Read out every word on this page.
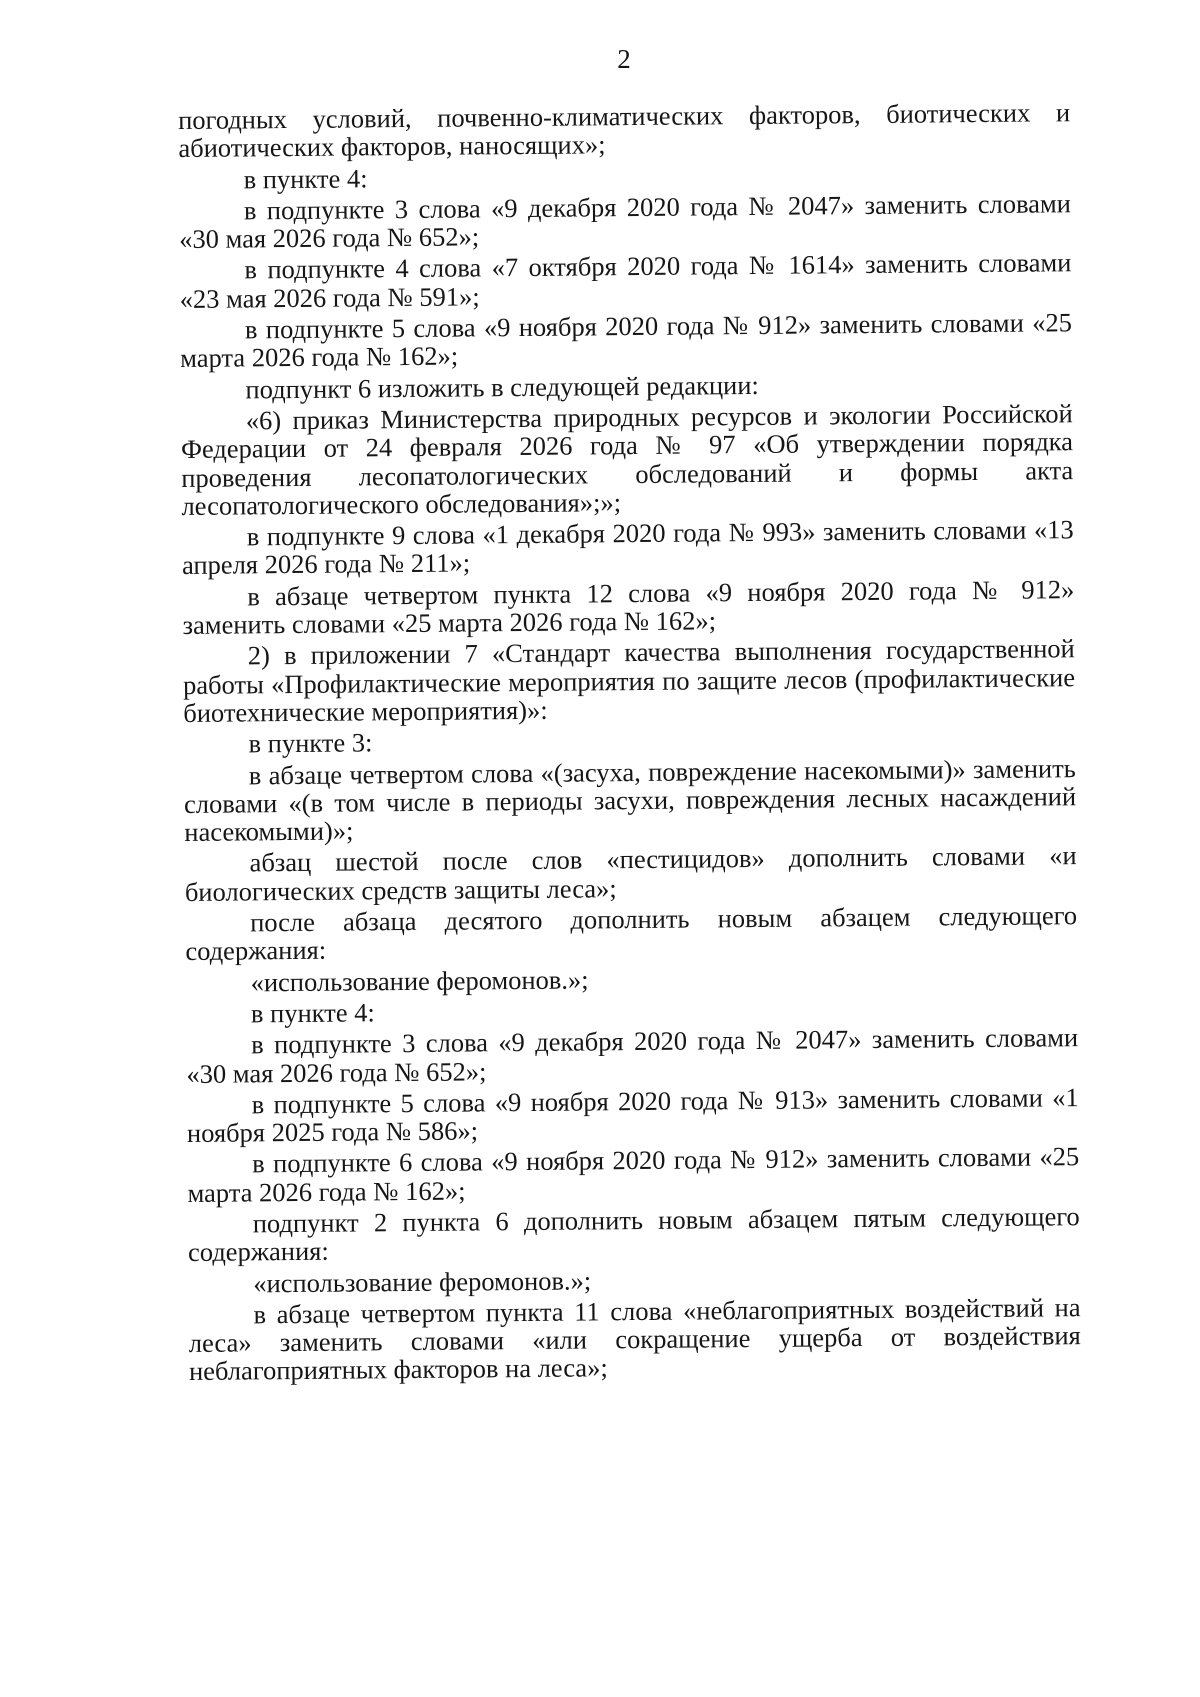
2

погодных условий, почвенно-климатических факторов, биотических и абиотических факторов, наносящих»;

в пункте 4:

в подпункте 3 слова «9 декабря 2020 года № 2047» заменить словами «30 мая 2026 года № 652»;

в подпункте 4 слова «7 октября 2020 года № 1614» заменить словами «23 мая 2026 года № 591»;

в подпункте 5 слова «9 ноября 2020 года № 912» заменить словами «25 марта 2026 года № 162»;

подпункт 6 изложить в следующей редакции:

«6) приказ Министерства природных ресурсов и экологии Российской Федерации от 24 февраля 2026 года № 97 «Об утверждении порядка проведения лесопатологических обследований и формы акта лесопатологического обследования»;»;

в подпункте 9 слова «1 декабря 2020 года № 993» заменить словами «13 апреля 2026 года № 211»;

в абзаце четвертом пункта 12 слова «9 ноября 2020 года № 912» заменить словами «25 марта 2026 года № 162»;

2) в приложении 7 «Стандарт качества выполнения государственной работы «Профилактические мероприятия по защите лесов (профилактические биотехнические мероприятия)»:

в пункте 3:

в абзаце четвертом слова «(засуха, повреждение насекомыми)» заменить словами «(в том числе в периоды засухи, повреждения лесных насаждений насекомыми)»;

абзац шестой после слов «пестицидов» дополнить словами «и биологических средств защиты леса»;

после абзаца десятого дополнить новым абзацем следующего содержания:

«использование феромонов.»;

в пункте 4:

в подпункте 3 слова «9 декабря 2020 года № 2047» заменить словами «30 мая 2026 года № 652»;

в подпункте 5 слова «9 ноября 2020 года № 913» заменить словами «1 ноября 2025 года № 586»;

в подпункте 6 слова «9 ноября 2020 года № 912» заменить словами «25 марта 2026 года № 162»;

подпункт 2 пункта 6 дополнить новым абзацем пятым следующего содержания:

«использование феромонов.»;

в абзаце четвертом пункта 11 слова «неблагоприятных воздействий на леса» заменить словами «или сокращение ущерба от воздействия неблагоприятных факторов на леса»;
